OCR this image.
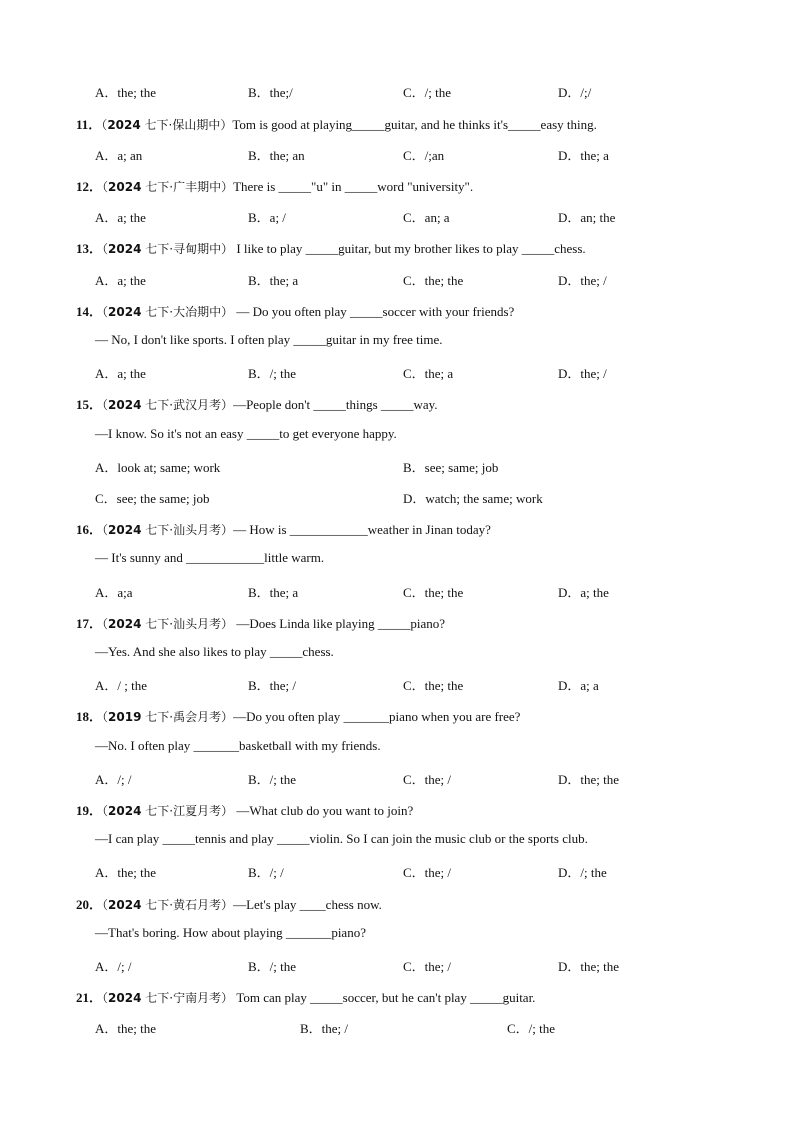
A．the; the	B．the;/	C．/; the	D．/;/
11．（2024 七下·保山期中）Tom is good at playing_____guitar, and he thinks it's_____easy thing.
A．a; an	B．the; an	C．/;an	D．the; a
12．（2024 七下·广丰期中）There is _____"u" in _____word "university".
A．a; the	B．a; /	C．an; a	D．an; the
13．（2024 七下·寻甸期中） I like to play _____guitar, but my brother likes to play _____chess.
A．a; the	B．the; a	C．the; the	D．the; /
14．（2024 七下·大冶期中） — Do you often play _____soccer with your friends?
— No, I don't like sports. I often play _____guitar in my free time.
A．a; the	B．/; the	C．the; a	D．the; /
15．（2024 七下·武汉月考）—People don't _____things _____way.
—I know. So it's not an easy _____to get everyone happy.
A．look at; same; work	B．see; same; job
C．see; the same; job	D．watch; the same; work
16．（2024 七下·汕头月考）— How is ____________weather in Jinan today?
— It's sunny and ____________little warm.
A．a;a	B．the; a	C．the; the	D．a; the
17．（2024 七下·汕头月考） —Does Linda like playing _____piano?
—Yes. And she also likes to play _____chess.
A．/ ; the	B．the; /	C．the; the	D．a; a
18．（2019 七下·禹会月考）—Do you often play _______piano when you are free?
—No. I often play _______basketball with my friends.
A．/; /	B．/; the	C．the; /	D．the; the
19．（2024 七下·江夏月考） —What club do you want to join?
—I can play _____tennis and play _____violin. So I can join the music club or the sports club.
A．the; the	B．/; /	C．the; /	D．/; the
20．（2024 七下·黄石月考）—Let's play ____chess now.
—That's boring. How about playing _______piano?
A．/; /	B．/; the	C．the; /	D．the; the
21．（2024 七下·宁南月考） Tom can play _____soccer, but he can't play _____guitar.
A．the; the	B．the; /	C．/; the
